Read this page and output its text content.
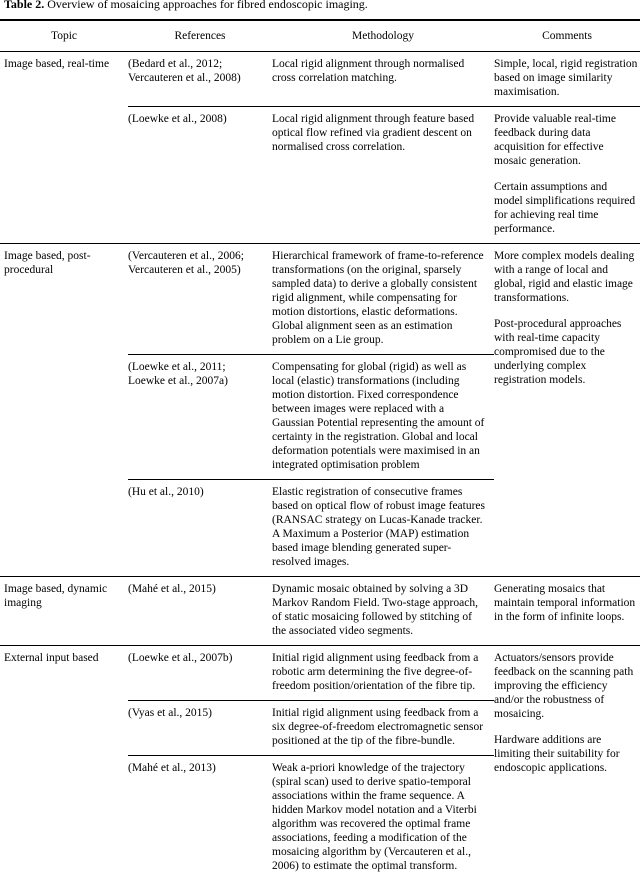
Table 2. Overview of mosaicing approaches for fibred endoscopic imaging.

Topic	References	Methodology	Comments
Image based, real-time	(Bedard et al., 2012; Vercauteren et al., 2008)	Local rigid alignment through normalised cross correlation matching.	Simple, local, rigid registration based on image similarity maximisation.

	(Loewke et al., 2008)	Local rigid alignment through feature based optical flow refined via gradient descent on normalised cross correlation.	Provide valuable real-time feedback during data acquisition for effective mosaic generation.

Certain assumptions and model simplifications required for achieving real time performance.

Image based, post-procedural	(Vercauteren et al., 2006; Vercauteren et al., 2005)	Hierarchical framework of frame-to-reference transformations (on the original, sparsely sampled data) to derive a globally consistent rigid alignment, while compensating for motion distortions, elastic deformations. Global alignment seen as an estimation problem on a Lie group.	

More complex models dealing with a range of local and global, rigid and elastic image transformations.

Post-procedural approaches with real-time capacity compromised due to the underlying complex registration models.

	(Loewke et al., 2011; Loewke et al., 2007a)	Compensating for global (rigid) as well as local (elastic) transformations (including motion distortion. Fixed correspondence between images were replaced with a Gaussian Potential representing the amount of certainty in the registration. Global and local deformation potentials were maximised in an integrated optimisation problem	
	(Hu et al., 2010)	Elastic registration of consecutive frames based on optical flow of robust image features (RANSAC strategy on Lucas-Kanade tracker. A Maximum a Posterior (MAP) estimation based image blending generated super-resolved images.	
Image based, dynamic imaging	(Mahé et al., 2015)	Dynamic mosaic obtained by solving a 3D Markov Random Field. Two-stage approach, of static mosaicing followed by stitching of the associated video segments.	Generating mosaics that maintain temporal information in the form of infinite loops.

External input based	(Loewke et al., 2007b)	Initial rigid alignment using feedback from a robotic arm determining the five degree-of-freedom position/orientation of the fibre tip.	Actuators/sensors provide feedback on the scanning path improving the efficiency and/or the robustness of mosaicing.

Hardware additions are limiting their suitability for endoscopic applications.

	(Vyas et al., 2015)	Initial rigid alignment using feedback from a six degree-of-freedom electromagnetic sensor positioned at the tip of the fibre-bundle.	
	(Mahé et al., 2013)	Weak a-priori knowledge of the trajectory (spiral scan) used to derive spatio-temporal associations within the frame sequence. A hidden Markov model notation and a Viterbi algorithm was recovered the optimal frame associations, feeding a modification of the mosaicing algorithm by (Vercauteren et al., 2006) to estimate the optimal transform.	
